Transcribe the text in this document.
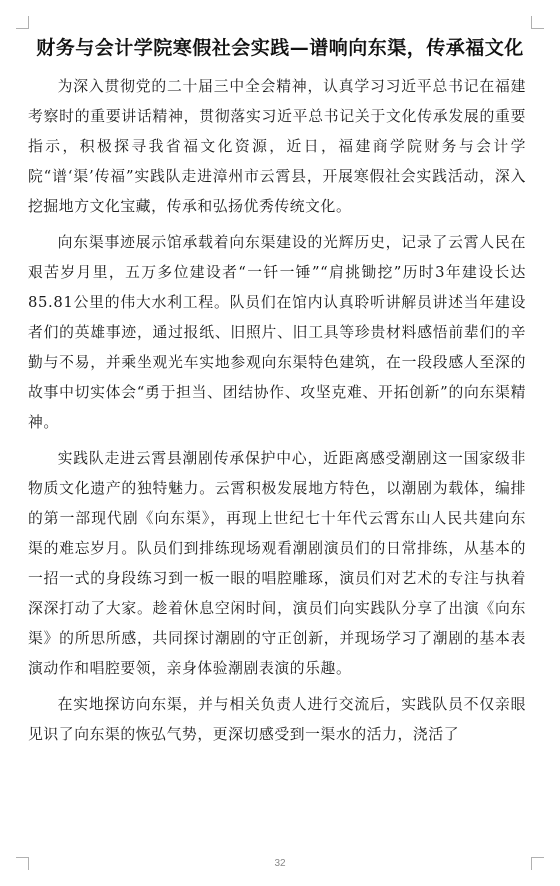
财务与会计学院寒假社会实践—谱响向东渠，传承福文化

为深入贯彻党的二十届三中全会精神，认真学习习近平总书记在福建考察时的重要讲话精神，贯彻落实习近平总书记关于文化传承发展的重要指示，积极探寻我省福文化资源，近日，福建商学院财务与会计学院“谱‘渠’传福”实践队走进漳州市云霄县，开展寒假社会实践活动，深入挖掘地方文化宝藏，传承和弘扬优秀传统文化。

向东渠事迹展示馆承载着向东渠建设的光辉历史，记录了云霄人民在艰苦岁月里，五万多位建设者“一钎一锤”“肩挑锄挖”历时3年建设长达85.81公里的伟大水利工程。队员们在馆内认真聆听讲解员讲述当年建设者们的英雄事迹，通过报纸、旧照片、旧工具等珍贵材料感悟前辈们的辛勤与不易，并乘坐观光车实地参观向东渠特色建筑，在一段段感人至深的故事中切实体会“勇于担当、团结协作、攻坚克难、开拓创新”的向东渠精神。

实践队走进云霄县潮剧传承保护中心，近距离感受潮剧这一国家级非物质文化遗产的独特魅力。云霄积极发展地方特色，以潮剧为载体，编排的第一部现代剧《向东渠》，再现上世纪七十年代云霄东山人民共建向东渠的难忘岁月。队员们到排练现场观看潮剧演员们的日常排练，从基本的一招一式的身段练习到一板一眼的唱腔雕琢，演员们对艺术的专注与执着深深打动了大家。趁着休息空闲时间，演员们向实践队分享了出演《向东渠》的所思所感，共同探讨潮剧的守正创新，并现场学习了潮剧的基本表演动作和唱腔要领，亲身体验潮剧表演的乐趣。

在实地探访向东渠，并与相关负责人进行交流后，实践队员不仅亲眼见识了向东渠的恢弘气势，更深切感受到一渠水的活力，浇活了

32
